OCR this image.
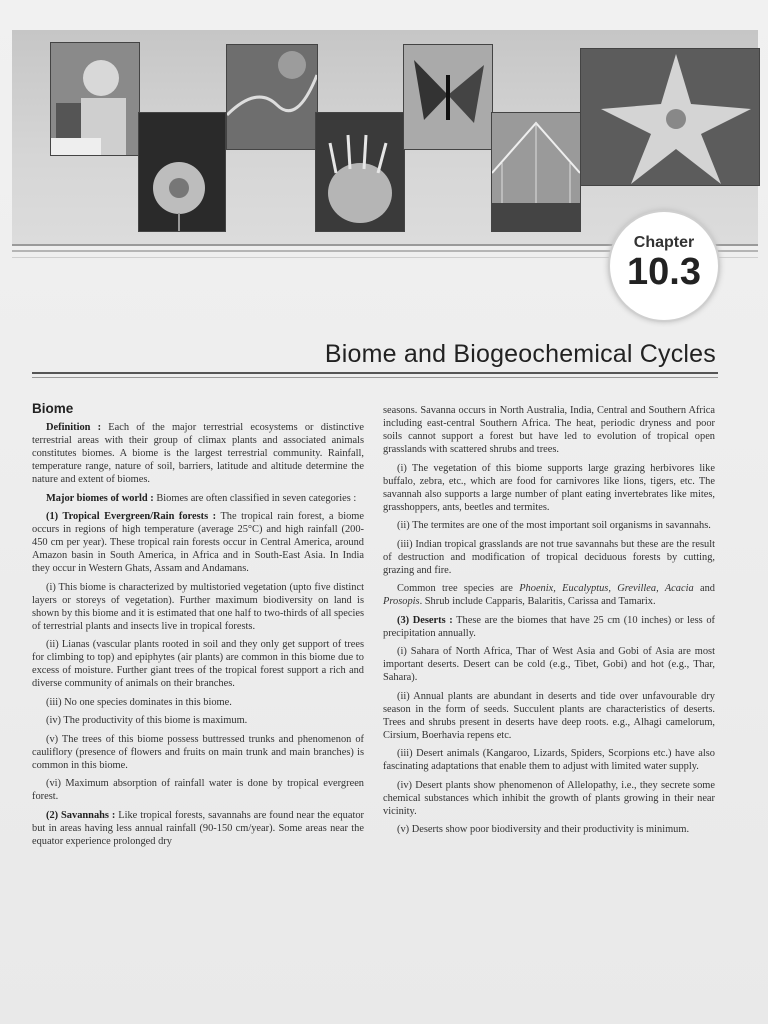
Chapter
10.3
Biome and Biogeochemical Cycles
Biome

Definition : Each of the major terrestrial ecosystems or distinctive terrestrial areas with their group of climax plants and associated animals constitutes biomes. A biome is the largest terrestrial community. Rainfall, temperature range, nature of soil, barriers, latitude and altitude determine the nature and extent of biomes.

Major biomes of world : Biomes are often classified in seven categories :

(1) Tropical Evergreen/Rain forests : The tropical rain forest, a biome occurs in regions of high temperature (average 25°C) and high rainfall (200-450 cm per year). These tropical rain forests occur in Central America, around Amazon basin in South America, in Africa and in South-East Asia. In India they occur in Western Ghats, Assam and Andamans.

(i) This biome is characterized by multistoried vegetation (upto five distinct layers or storeys of vegetation). Further maximum biodiversity on land is shown by this biome and it is estimated that one half to two-thirds of all species of terrestrial plants and insects live in tropical forests.

(ii) Lianas (vascular plants rooted in soil and they only get support of trees for climbing to top) and epiphytes (air plants) are common in this biome due to excess of moisture. Further giant trees of the tropical forest support a rich and diverse community of animals on their branches.

(iii) No one species dominates in this biome.

(iv) The productivity of this biome is maximum.

(v) The trees of this biome possess buttressed trunks and phenomenon of cauliflory (presence of flowers and fruits on main trunk and main branches) is common in this biome.

(vi) Maximum absorption of rainfall water is done by tropical evergreen forest.

(2) Savannahs : Like tropical forests, savannahs are found near the equator but in areas having less annual rainfall (90-150 cm/year). Some areas near the equator experience prolonged dry

seasons. Savanna occurs in North Australia, India, Central and Southern Africa including east-central Southern Africa. The heat, periodic dryness and poor soils cannot support a forest but have led to evolution of tropical open grasslands with scattered shrubs and trees.

(i) The vegetation of this biome supports large grazing herbivores like buffalo, zebra, etc., which are food for carnivores like lions, tigers, etc. The savannah also supports a large number of plant eating invertebrates like mites, grasshoppers, ants, beetles and termites.

(ii) The termites are one of the most important soil organisms in savannahs.

(iii) Indian tropical grasslands are not true savannahs but these are the result of destruction and modification of tropical deciduous forests by cutting, grazing and fire.

Common tree species are Phoenix, Eucalyptus, Grevillea, Acacia and Prosopis. Shrub include Capparis, Balaritis, Carissa and Tamarix.

(3) Deserts : These are the biomes that have 25 cm (10 inches) or less of precipitation annually.

(i) Sahara of North Africa, Thar of West Asia and Gobi of Asia are most important deserts. Desert can be cold (e.g., Tibet, Gobi) and hot (e.g., Thar, Sahara).

(ii) Annual plants are abundant in deserts and tide over unfavourable dry season in the form of seeds. Succulent plants are characteristics of deserts. Trees and shrubs present in deserts have deep roots. e.g., Alhagi camelorum, Cirsium, Boerhavia repens etc.

(iii) Desert animals (Kangaroo, Lizards, Spiders, Scorpions etc.) have also fascinating adaptations that enable them to adjust with limited water supply.

(iv) Desert plants show phenomenon of Allelopathy, i.e., they secrete some chemical substances which inhibit the growth of plants growing in their near vicinity.

(v) Deserts show poor biodiversity and their productivity is minimum.
